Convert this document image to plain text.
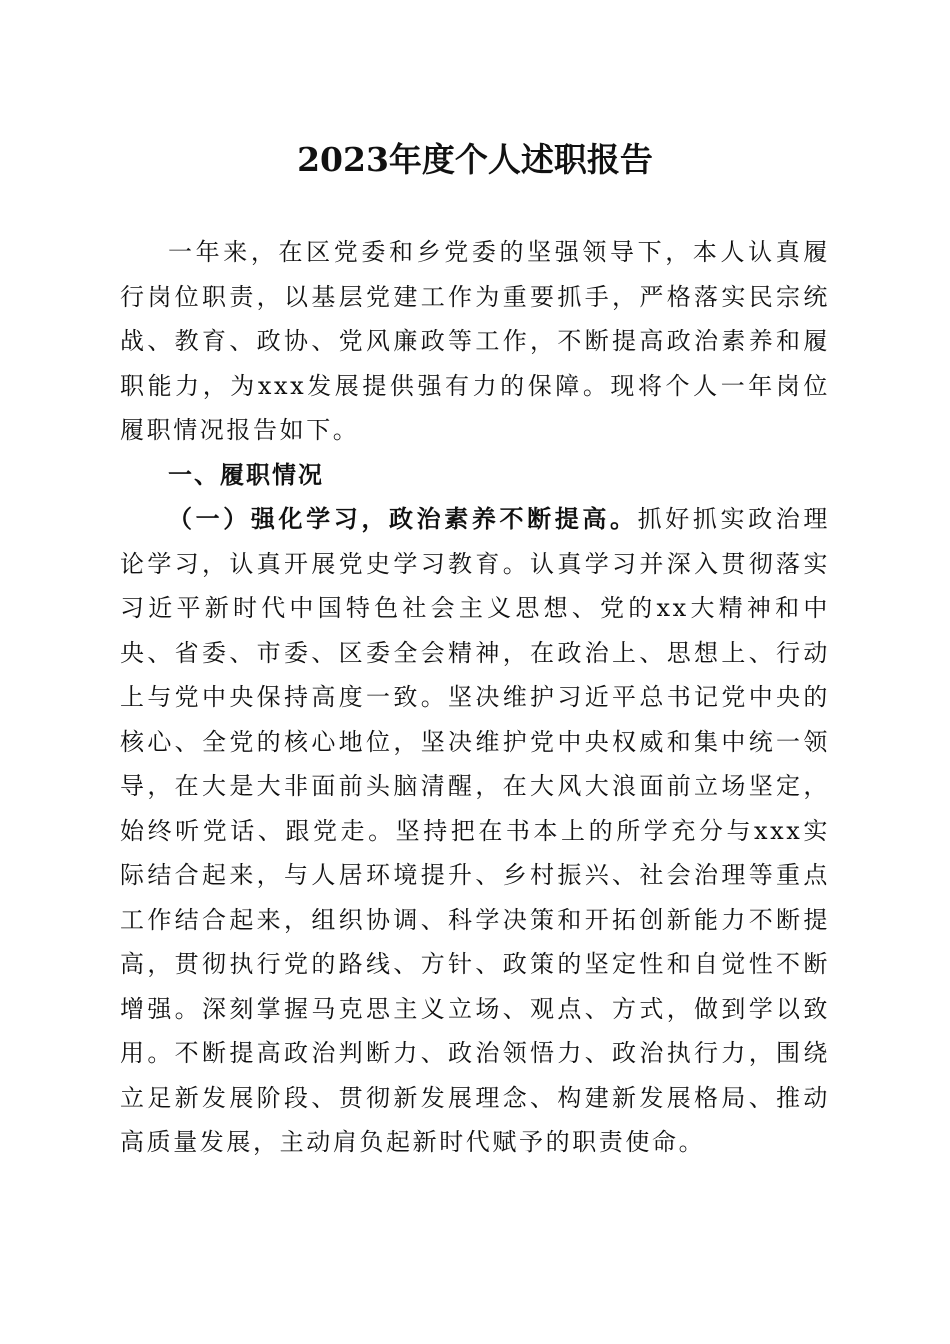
2023年度个人述职报告

一年来，在区党委和乡党委的坚强领导下，本人认真履行岗位职责，以基层党建工作为重要抓手，严格落实民宗统战、教育、政协、党风廉政等工作，不断提高政治素养和履职能力，为xxx发展提供强有力的保障。现将个人一年岗位履职情况报告如下。

一、履职情况

（一）强化学习，政治素养不断提高。抓好抓实政治理论学习，认真开展党史学习教育。认真学习并深入贯彻落实习近平新时代中国特色社会主义思想、党的xx大精神和中央、省委、市委、区委全会精神，在政治上、思想上、行动上与党中央保持高度一致。坚决维护习近平总书记党中央的核心、全党的核心地位，坚决维护党中央权威和集中统一领导，在大是大非面前头脑清醒，在大风大浪面前立场坚定，始终听党话、跟党走。坚持把在书本上的所学充分与xxx实际结合起来，与人居环境提升、乡村振兴、社会治理等重点工作结合起来，组织协调、科学决策和开拓创新能力不断提高，贯彻执行党的路线、方针、政策的坚定性和自觉性不断增强。深刻掌握马克思主义立场、观点、方式，做到学以致用。不断提高政治判断力、政治领悟力、政治执行力，围绕立足新发展阶段、贯彻新发展理念、构建新发展格局、推动高质量发展，主动肩负起新时代赋予的职责使命。
